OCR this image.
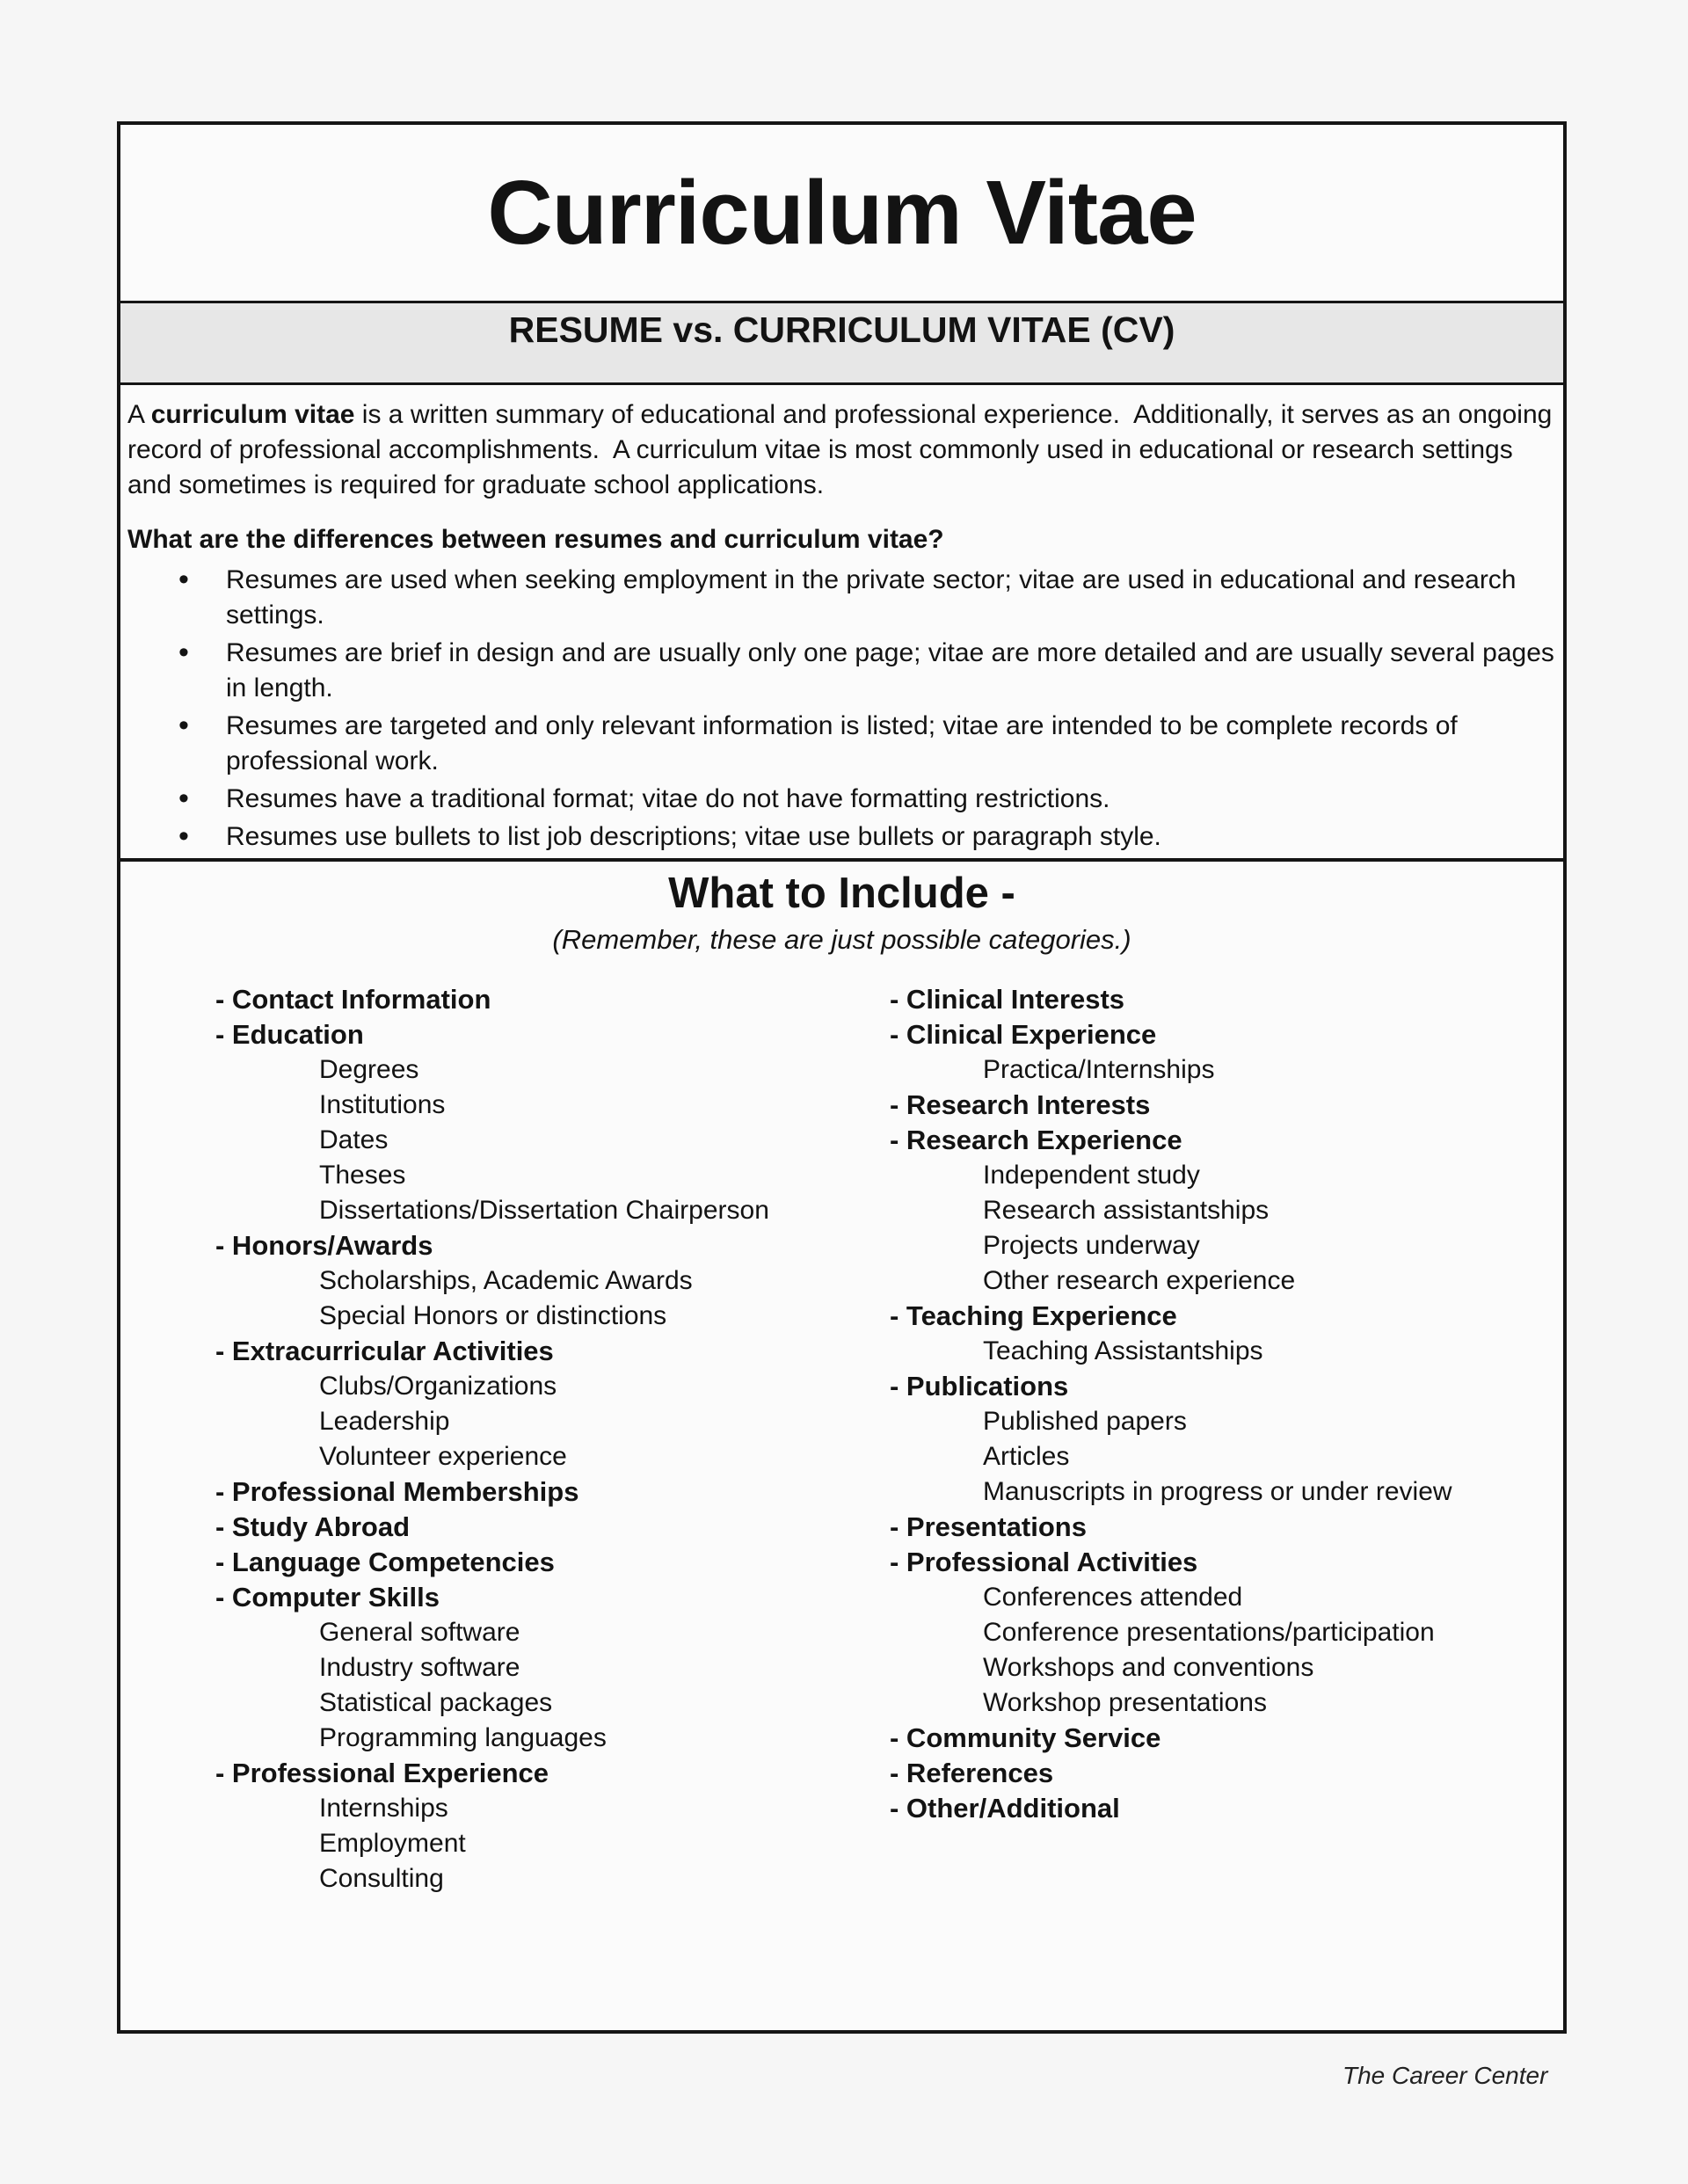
Curriculum Vitae
RESUME vs. CURRICULUM VITAE (CV)

A curriculum vitae is a written summary of educational and professional experience.  Additionally, it serves as an ongoing record of professional accomplishments.  A curriculum vitae is most commonly used in educational or research settings and sometimes is required for graduate school applications.

What are the differences between resumes and curriculum vitae?

• Resumes are used when seeking employment in the private sector; vitae are used in educational and research settings.
• Resumes are brief in design and are usually only one page; vitae are more detailed and are usually several pages in length.
• Resumes are targeted and only relevant information is listed; vitae are intended to be complete records of professional work.
• Resumes have a traditional format; vitae do not have formatting restrictions.
• Resumes use bullets to list job descriptions; vitae use bullets or paragraph style.
What to Include -

(Remember, these are just possible categories.)

- Contact Information
- Education
Degrees
Institutions
Dates
Theses
Dissertations/Dissertation Chairperson
- Honors/Awards
Scholarships, Academic Awards
Special Honors or distinctions
- Extracurricular Activities
Clubs/Organizations
Leadership
Volunteer experience
- Professional Memberships
- Study Abroad
- Language Competencies
- Computer Skills
General software
Industry software
Statistical packages
Programming languages
- Professional Experience
Internships
Employment
Consulting
- Clinical Interests
- Clinical Experience
Practica/Internships
- Research Interests
- Research Experience
Independent study
Research assistantships
Projects underway
Other research experience
- Teaching Experience
Teaching Assistantships
- Publications
Published papers
Articles
Manuscripts in progress or under review
- Presentations
- Professional Activities
Conferences attended
Conference presentations/participation
Workshops and conventions
Workshop presentations
- Community Service
- References
- Other/Additional
The Career Center
